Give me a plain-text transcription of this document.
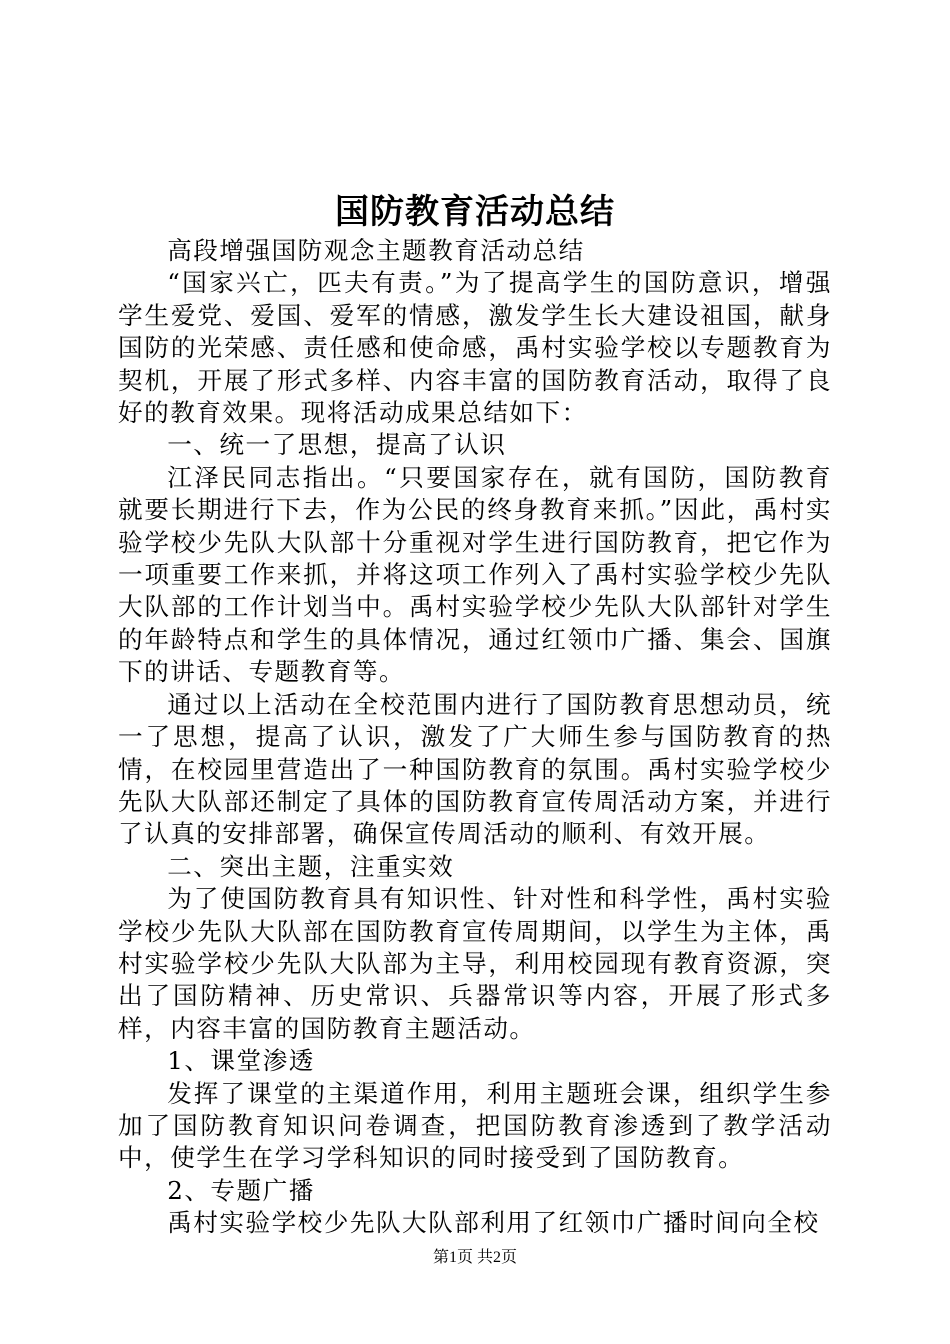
国防教育活动总结

高段增强国防观念主题教育活动总结

“国家兴亡，匹夫有责。”为了提高学生的国防意识，增强学生爱党、爱国、爱军的情感，激发学生长大建设祖国，献身国防的光荣感、责任感和使命感，禹村实验学校以专题教育为契机，开展了形式多样、内容丰富的国防教育活动，取得了良好的教育效果。现将活动成果总结如下：

一、统一了思想，提高了认识

江泽民同志指出。“只要国家存在，就有国防，国防教育就要长期进行下去，作为公民的终身教育来抓。”因此，禹村实验学校少先队大队部十分重视对学生进行国防教育，把它作为一项重要工作来抓，并将这项工作列入了禹村实验学校少先队大队部的工作计划当中。禹村实验学校少先队大队部针对学生的年龄特点和学生的具体情况，通过红领巾广播、集会、国旗下的讲话、专题教育等。

通过以上活动在全校范围内进行了国防教育思想动员，统一了思想，提高了认识，激发了广大师生参与国防教育的热情，在校园里营造出了一种国防教育的氛围。禹村实验学校少先队大队部还制定了具体的国防教育宣传周活动方案，并进行了认真的安排部署，确保宣传周活动的顺利、有效开展。

二、突出主题，注重实效

为了使国防教育具有知识性、针对性和科学性，禹村实验学校少先队大队部在国防教育宣传周期间，以学生为主体，禹村实验学校少先队大队部为主导，利用校园现有教育资源，突出了国防精神、历史常识、兵器常识等内容，开展了形式多样，内容丰富的国防教育主题活动。

1、课堂渗透

发挥了课堂的主渠道作用，利用主题班会课，组织学生参加了国防教育知识问卷调查，把国防教育渗透到了教学活动中，使学生在学习学科知识的同时接受到了国防教育。

2、专题广播

禹村实验学校少先队大队部利用了红领巾广播时间向全校

第1页 共2页
